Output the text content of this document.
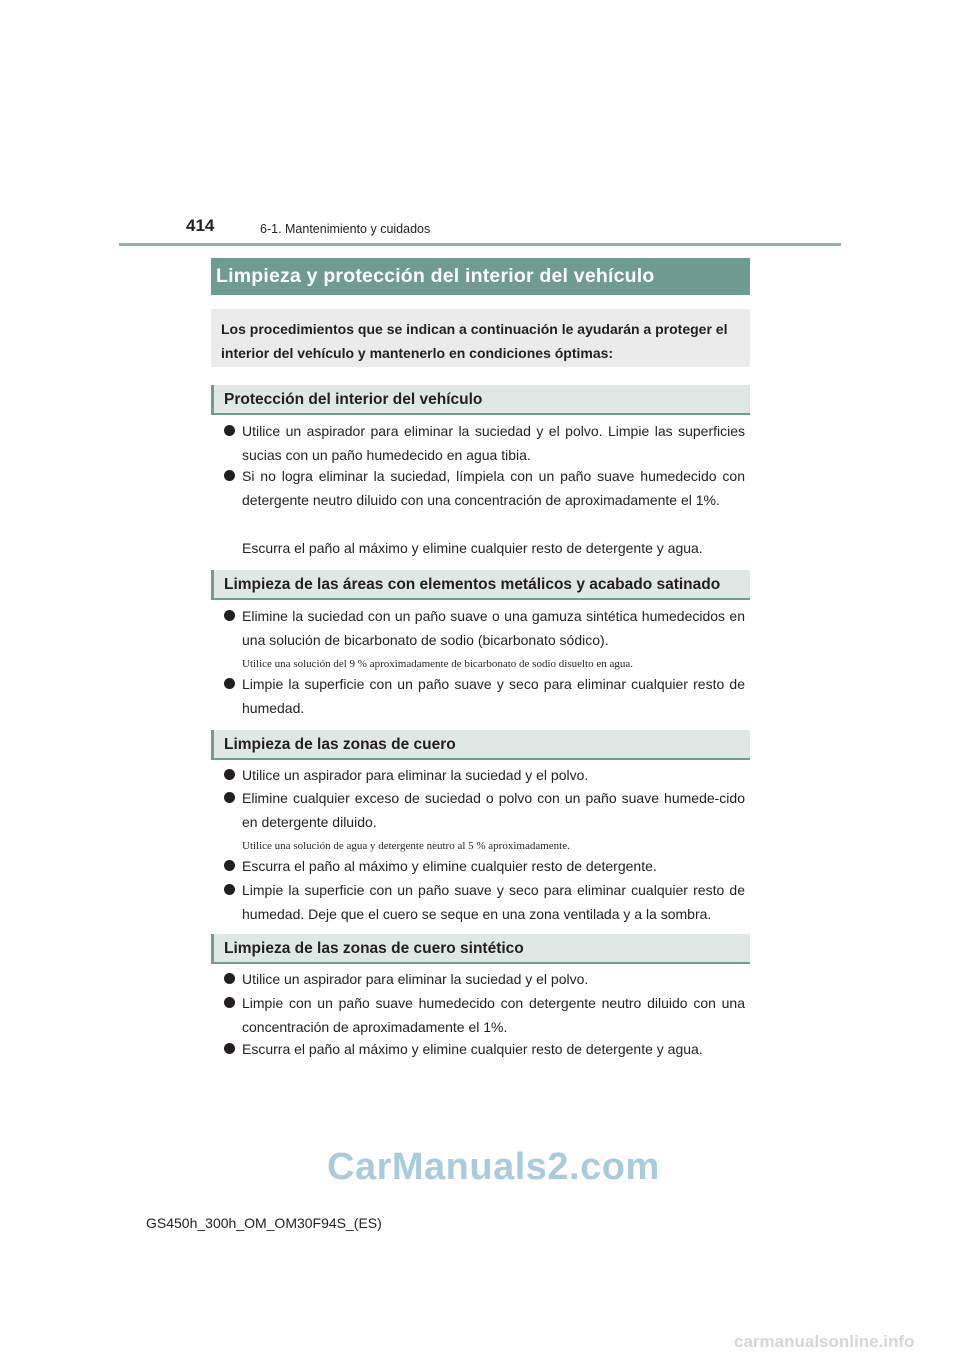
414	6-1. Mantenimiento y cuidados
Limpieza y protección del interior del vehículo
Los procedimientos que se indican a continuación le ayudarán a proteger el
interior del vehículo y mantenerlo en condiciones óptimas:
Protección del interior del vehículo
Utilice un aspirador para eliminar la suciedad y el polvo. Limpie las superficies sucias con un paño humedecido en agua tibia.
Si no logra eliminar la suciedad, límpiela con un paño suave humedecido con detergente neutro diluido con una concentración de aproximadamente el 1%.
Escurra el paño al máximo y elimine cualquier resto de detergente y agua.
Limpieza de las áreas con elementos metálicos y acabado satinado
Elimine la suciedad con un paño suave o una gamuza sintética humedecidos en una solución de bicarbonato de sodio (bicarbonato sódico).
Utilice una solución del 9 % aproximadamente de bicarbonato de sodio disuelto en agua.
Limpie la superficie con un paño suave y seco para eliminar cualquier resto de humedad.
Limpieza de las zonas de cuero
Utilice un aspirador para eliminar la suciedad y el polvo.
Elimine cualquier exceso de suciedad o polvo con un paño suave humede-cido en detergente diluido.
Utilice una solución de agua y detergente neutro al 5 % aproximadamente.
Escurra el paño al máximo y elimine cualquier resto de detergente.
Limpie la superficie con un paño suave y seco para eliminar cualquier resto de humedad. Deje que el cuero se seque en una zona ventilada y a la sombra.
Limpieza de las zonas de cuero sintético
Utilice un aspirador para eliminar la suciedad y el polvo.
Limpie con un paño suave humedecido con detergente neutro diluido con una concentración de aproximadamente el 1%.
Escurra el paño al máximo y elimine cualquier resto de detergente y agua.
CarManuals2.com
GS450h_300h_OM_OM30F94S_(ES)
carmanualsonline.info
